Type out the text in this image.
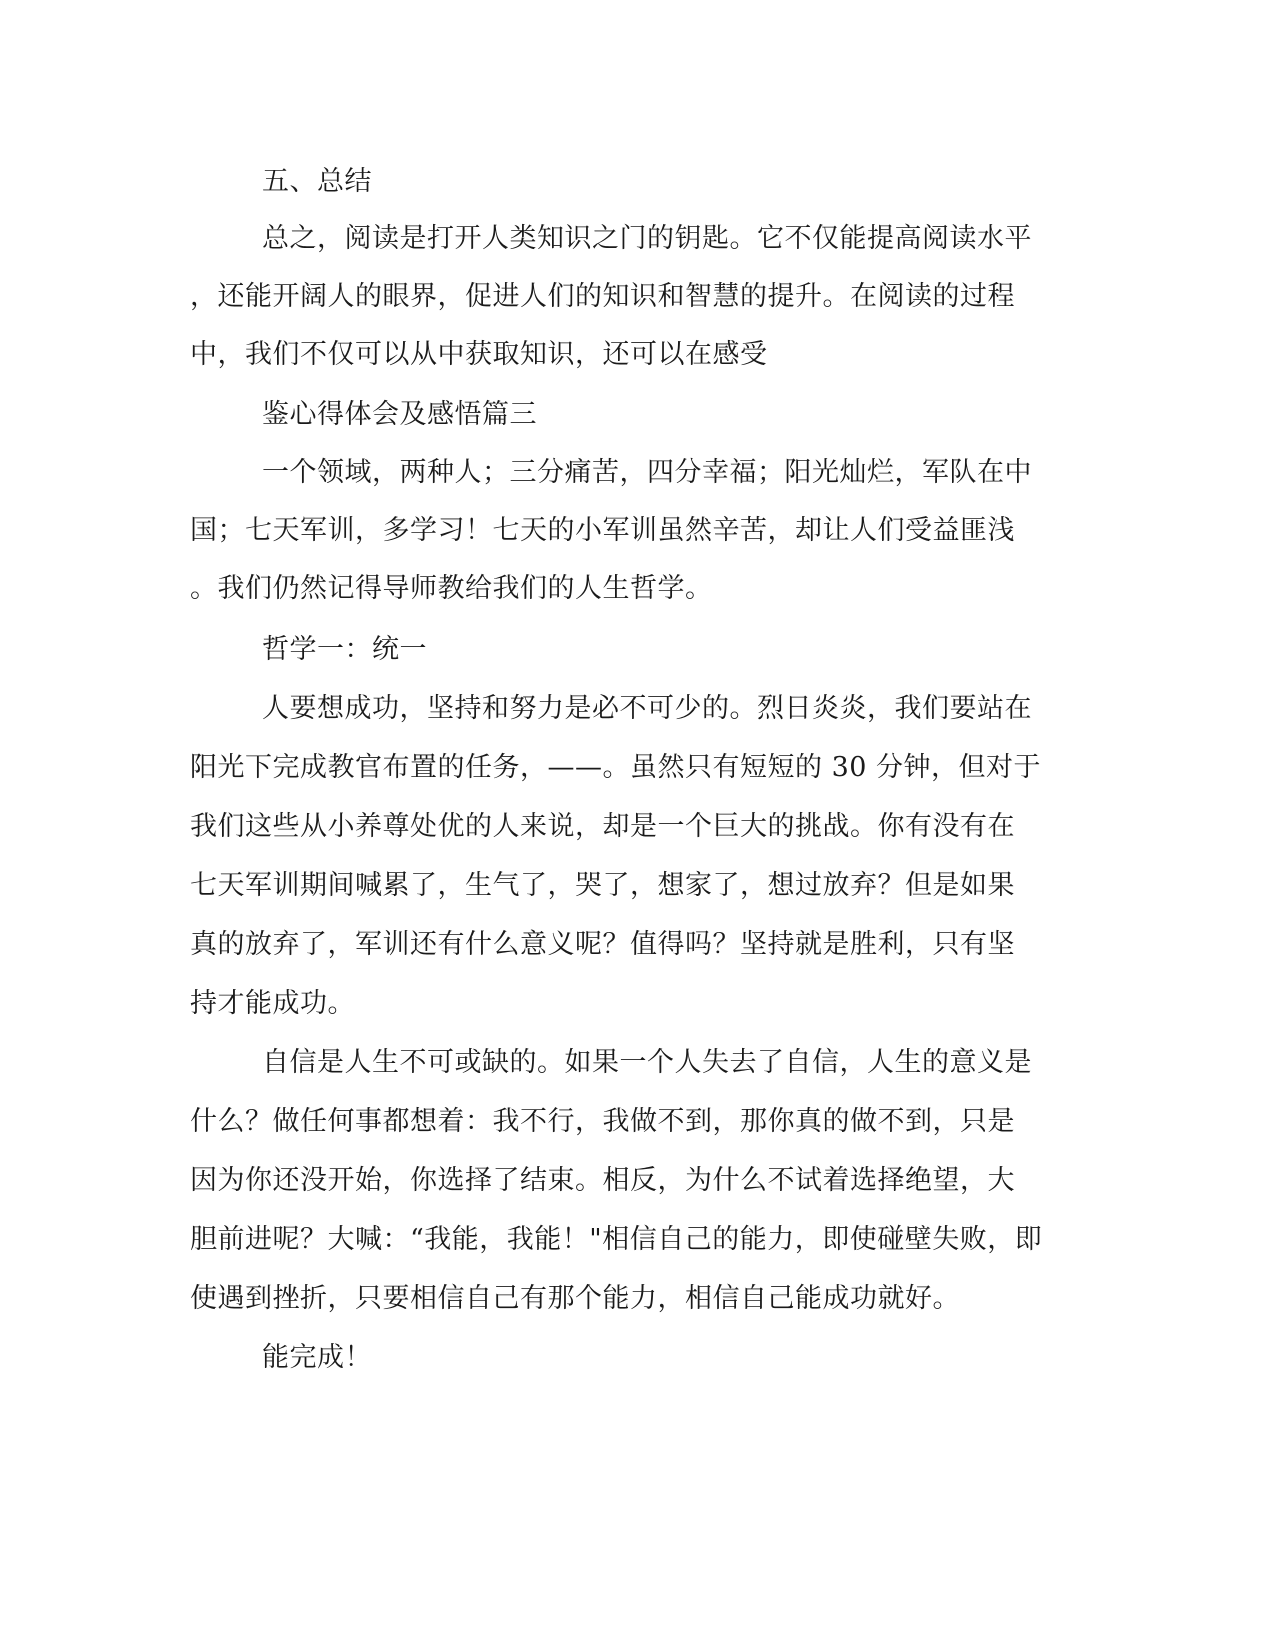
五、总结
总之，阅读是打开人类知识之门的钥匙。它不仅能提高阅读水平
，还能开阔人的眼界，促进人们的知识和智慧的提升。在阅读的过程
中，我们不仅可以从中获取知识，还可以在感受
鉴心得体会及感悟篇三
一个领域，两种人；三分痛苦，四分幸福；阳光灿烂，军队在中
国；七天军训，多学习！七天的小军训虽然辛苦，却让人们受益匪浅
。我们仍然记得导师教给我们的人生哲学。
哲学一：统一
人要想成功，坚持和努力是必不可少的。烈日炎炎，我们要站在
阳光下完成教官布置的任务，——。虽然只有短短的 30 分钟，但对于
我们这些从小养尊处优的人来说，却是一个巨大的挑战。你有没有在
七天军训期间喊累了，生气了，哭了，想家了，想过放弃？但是如果
真的放弃了，军训还有什么意义呢？值得吗？坚持就是胜利，只有坚
持才能成功。
自信是人生不可或缺的。如果一个人失去了自信，人生的意义是
什么？做任何事都想着：我不行，我做不到，那你真的做不到，只是
因为你还没开始，你选择了结束。相反，为什么不试着选择绝望，大
胆前进呢？大喊：“我能，我能！"相信自己的能力，即使碰壁失败，即
使遇到挫折，只要相信自己有那个能力，相信自己能成功就好。
能完成！
